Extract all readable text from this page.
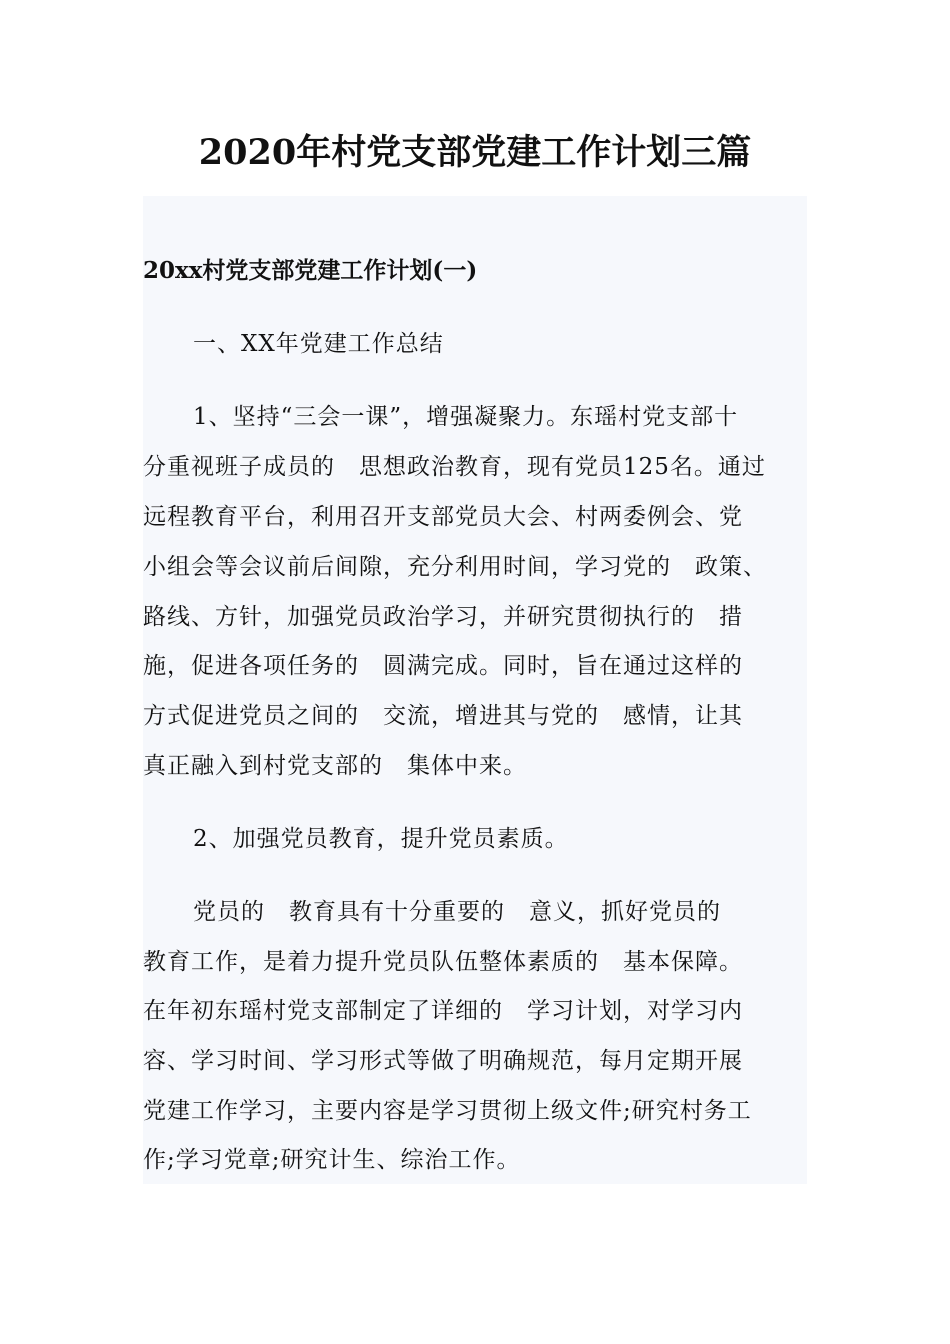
2020年村党支部党建工作计划三篇
20xx村党支部党建工作计划(一)
一、XX年党建工作总结
1、坚持“三会一课”，增强凝聚力。东瑶村党支部十
分重视班子成员的　思想政治教育，现有党员125名。通过
远程教育平台，利用召开支部党员大会、村两委例会、党
小组会等会议前后间隙，充分利用时间，学习党的　政策、
路线、方针，加强党员政治学习，并研究贯彻执行的　措
施，促进各项任务的　圆满完成。同时，旨在通过这样的
方式促进党员之间的　交流，增进其与党的　感情，让其
真正融入到村党支部的　集体中来。
2、加强党员教育，提升党员素质。
党员的　教育具有十分重要的　意义，抓好党员的
教育工作，是着力提升党员队伍整体素质的　基本保障。
在年初东瑶村党支部制定了详细的　学习计划，对学习内
容、学习时间、学习形式等做了明确规范，每月定期开展
党建工作学习，主要内容是学习贯彻上级文件;研究村务工
作;学习党章;研究计生、综治工作。
